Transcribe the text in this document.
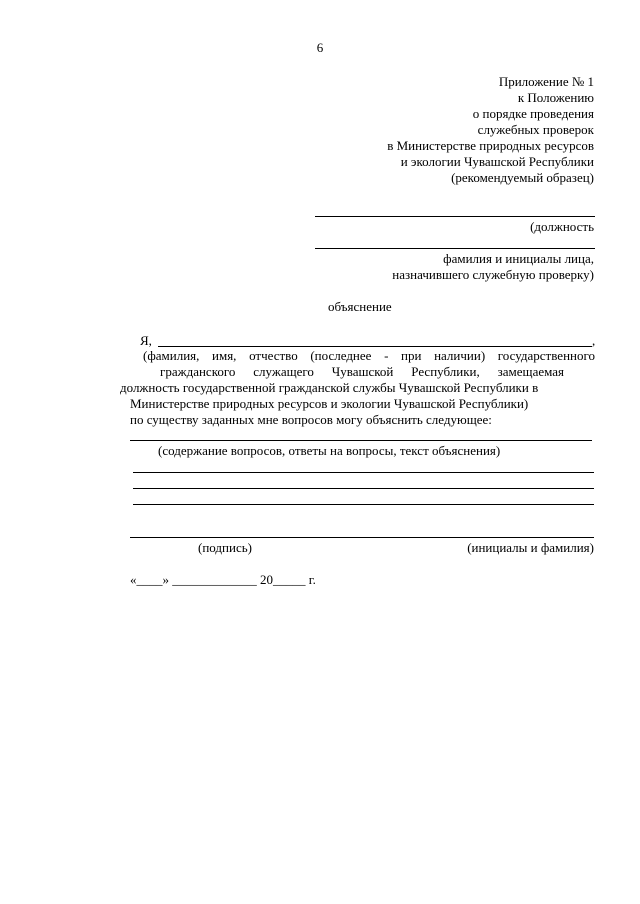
6
Приложение № 1
к Положению
о порядке проведения
служебных проверок
в Министерстве природных ресурсов
и экологии Чувашской Республики
(рекомендуемый образец)
(должность
фамилия и инициалы лица,
назначившего служебную проверку)
объяснение
Я,	,
(фамилия, имя, отчество (последнее - при наличии) государственного
гражданского служащего Чувашской Республики, замещаемая
должность государственной гражданской службы Чувашской Республики в
Министерстве природных ресурсов и экологии Чувашской Республики)
по существу заданных мне вопросов могу объяснить следующее:
(содержание вопросов, ответы на вопросы, текст объяснения)
(подпись)	(инициалы и фамилия)
«____» _____________ 20_____ г.
